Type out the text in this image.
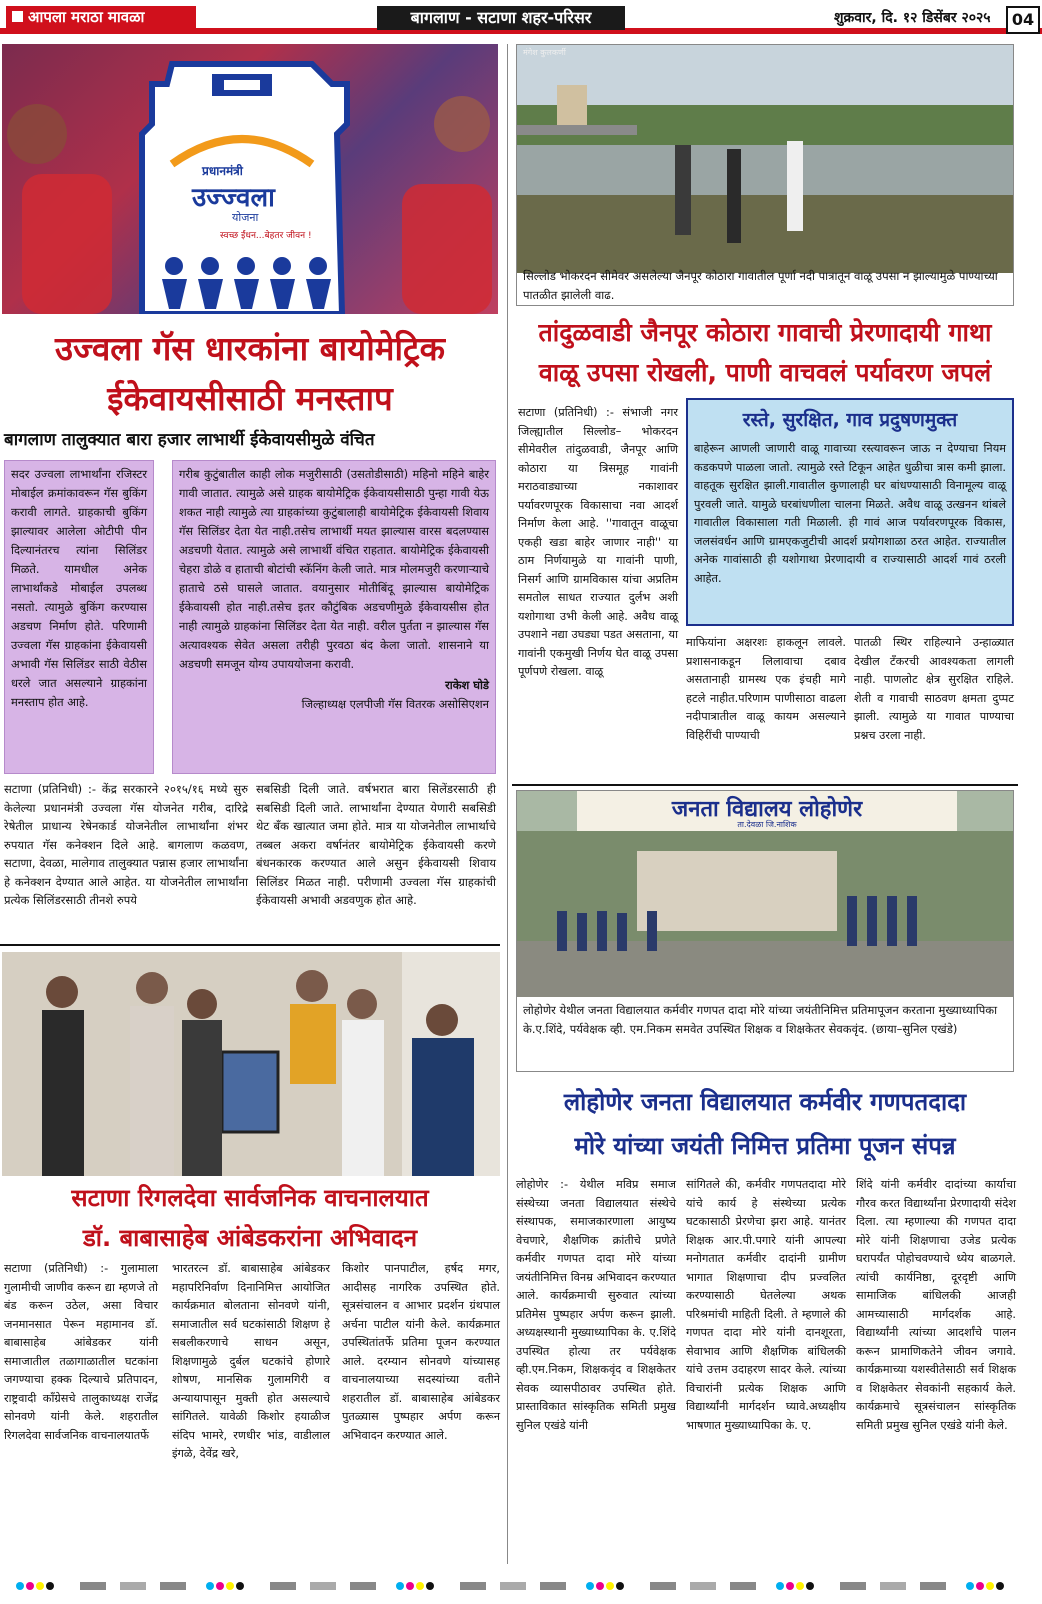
आपला मराठा मावळा	बागलाण - सटाणा शहर-परिसर	शुक्रवार, दि. १२ डिसेंबर २०२५	04
प्रधानमंत्री
उज्ज्वला
योजना
स्वच्छ ईंधन...बेहतर जीवन !
उज्वला गॅस धारकांना बायोमेट्रिक
ईकेवायसीसाठी मनस्ताप
बागलाण तालुक्यात बारा हजार लाभार्थी ईकेवायसीमुळे वंचित
सदर उज्वला लाभार्थांना रजिस्टर मोबाईल क्रमांकावरून गॅस बुकिंग करावी लागते. ग्राहकाची बुकिंग झाल्यावर आलेला ओटीपी पीन दिल्यानंतरच त्यांना सिलिंडर मिळते. यामधील अनेक लाभार्थांकडे मोबाईल उपलब्ध नसतो. त्यामुळे बुकिंग करण्यास अडचण निर्माण होते. परिणामी उज्वला गॅस ग्राहकांना ईकेवायसी अभावी गॅस सिलिंडर साठी वेठीस धरले जात असल्याने ग्राहकांना मनस्ताप होत आहे.
गरीब कुटुंबातील काही लोक मजुरीसाठी (उसतोडीसाठी) महिनो महिने बाहेर गावी जातात. त्यामुळे असे ग्राहक बायोमेट्रिक ईकेवायसीसाठी पुन्हा गावी येऊ शकत नाही त्यामुळे त्या ग्राहकांच्या कुटुंबालाही बायोमेट्रिक ईकेवायसी शिवाय गॅस सिलिंडर देता येत नाही.तसेच लाभार्थी मयत झाल्यास वारस बदलण्यास अडचणी येतात. त्यामुळे असे लाभार्थी वंचित राहतात. बायोमेट्रिक ईकेवायसी चेहरा डोळे व हाताची बोटांची स्कॅनिंग केली जाते. मात्र मोलमजुरी करणाऱ्याचे हाताचे ठसे घासले जातात. वयानुसार मोतीबिंदू झाल्यास बायोमेट्रिक ईकेवायसी होत नाही.तसेच इतर कौटुंबिक अडचणीमुळे ईकेवायसीस होत नाही त्यामुळे ग्राहकांना सिलिंडर देता येत नाही. वरील पुर्तता न झाल्यास गॅस अत्यावश्यक सेवेत असला तरीही पुरवठा बंद केला जातो. शासनाने या अडचणी समजून योग्य उपाययोजना करावी.
राकेश घोडे
जिल्हाध्यक्ष एलपीजी गॅस वितरक असोसिएशन
सटाणा (प्रतिनिधी) :- केंद्र सरकारने २०१५/१६ मध्ये सुरु केलेल्या प्रधानमंत्री उज्वला गॅस योजनेत गरीब, दारिद्रे रेषेतील प्राधान्य रेषेनकार्ड योजनेतील लाभार्थांना शंभर रुपयात गॅस कनेक्शन दिले आहे. बागलाण कळवण, सटाणा, देवळा, मालेगाव तालुक्यात पन्नास हजार लाभार्थांना हे कनेक्शन देण्यात आले आहेत. या योजनेतील लाभार्थांना प्रत्येक सिलिंडरसाठी तीनशे रुपये
सबसिडी दिली जाते. वर्षभरात बारा सिलेंडरसाठी ही सबसिडी दिली जाते. लाभार्थांना देण्यात येणारी सबसिडी थेट बँक खात्यात जमा होते. मात्र या योजनेतील लाभार्थाचे तब्बल अकरा वर्षानंतर बायोमेट्रिक ईकेवायसी करणे बंधनकारक करण्यात आले असुन ईकेवायसी शिवाय सिलिंडर मिळत नाही. परीणामी उज्वला गॅस ग्राहकांची ईकेवायसी अभावी अडवणुक होत आहे.
मंगेश कुलकर्णी
सिल्लोड भोकरदन सीमेवर असलेल्या जैनपूर कोठारा गावातील पूर्णा नदी पात्रातून वाळू उपसा न झाल्यामुळे पाण्याच्या पातळीत झालेली वाढ.
तांदुळवाडी जैनपूर कोठारा गावाची प्रेरणादायी गाथा
वाळू उपसा रोखली, पाणी वाचवलं पर्यावरण जपलं
सटाणा (प्रतिनिधी) :- संभाजी नगर जिल्ह्यातील सिल्लोड– भोकरदन सीमेवरील तांदुळवाडी, जैनपूर आणि कोठारा या त्रिसमूह गावांनी मराठवाड्याच्या नकाशावर पर्यावरणपूरक विकासाचा नवा आदर्श निर्माण केला आहे. ''गावातून वाळूचा एकही खडा बाहेर जाणार नाही'' या ठाम निर्णयामुळे या गावांनी पाणी, निसर्ग आणि ग्रामविकास यांचा अप्रतिम समतोल साधत राज्यात दुर्लभ अशी यशोगाथा उभी केली आहे. अवैध वाळू उपशाने नद्या उघड्या पडत असताना, या गावांनी एकमुखी निर्णय घेत वाळू उपसा पूर्णपणे रोखला. वाळू
रस्ते, सुरक्षित, गाव प्रदुषणमुक्त
बाहेरून आणली जाणारी वाळू गावाच्या रस्त्यावरून जाऊ न देण्याचा नियम कडकपणे पाळला जातो. त्यामुळे रस्ते टिकून आहेत धुळीचा त्रास कमी झाला. वाहतूक सुरक्षित झाली.गावातील कुणालाही घर बांधण्यासाठी विनामूल्य वाळू पुरवली जाते. यामुळे घरबांधणीला चालना मिळते. अवैध वाळू उत्खनन थांबले गावातील विकासाला गती मिळाली. ही गावं आज पर्यावरणपूरक विकास, जलसंवर्धन आणि ग्रामएकजुटीची आदर्श प्रयोगशाळा ठरत आहेत. राज्यातील अनेक गावांसाठी ही यशोगाथा प्रेरणादायी व राज्यासाठी आदर्श गावं ठरली आहेत.
माफियांना अक्षरशः हाकलून लावले. प्रशासनाकडून लिलावाचा दबाव असतानाही ग्रामस्थ एक इंचही मागे हटले नाहीत.परिणाम पाणीसाठा वाढला नदीपात्रातील वाळू कायम असल्याने विहिरींची पाण्याची
पातळी स्थिर राहिल्याने उन्हाळ्यात देखील टँकरची आवश्यकता लागली नाही. पाणलोट क्षेत्र सुरक्षित राहिले. शेती व गावाची साठवण क्षमता दुप्पट झाली. त्यामुळे या गावात पाण्याचा प्रश्नच उरला नाही.
जनता विद्यालय लोहोणेर
ता.देवळा जि.नाशिक
लोहोणेर येथील जनता विद्यालयात कर्मवीर गणपत दादा मोरे यांच्या जयंतीनिमित्त प्रतिमापूजन करताना मुख्याध्यापिका के.ए.शिंदे, पर्यवेक्षक व्ही. एम.निकम समवेत उपस्थित शिक्षक व शिक्षकेतर सेवकवृंद. (छाया–सुनिल एखंडे)
लोहोणेर जनता विद्यालयात कर्मवीर गणपतदादा
मोरे यांच्या जयंती निमित्त प्रतिमा पूजन संपन्न
लोहोणेर :- येथील मविप्र समाज संस्थेच्या जनता विद्यालयात संस्थेचे संस्थापक, समाजकारणाला आयुष्य वेचणारे, शैक्षणिक क्रांतीचे प्रणेते कर्मवीर गणपत दादा मोरे यांच्या जयंतीनिमित्त विनम्र अभिवादन करण्यात आले. कार्यक्रमाची सुरुवात त्यांच्या प्रतिमेस पुष्पहार अर्पण करून झाली. अध्यक्षस्थानी मुख्याध्यापिका के. ए.शिंदे उपस्थित होत्या तर पर्यवेक्षक व्ही.एम.निकम, शिक्षकवृंद व शिक्षकेतर सेवक व्यासपीठावर उपस्थित होते. प्रास्ताविकात सांस्कृतिक समिती प्रमुख सुनिल एखंडे यांनी
सांगितले की, कर्मवीर गणपतदादा मोरे यांचे कार्य हे संस्थेच्या प्रत्येक घटकासाठी प्रेरणेचा झरा आहे. यानंतर शिक्षक आर.पी.पगारे यांनी आपल्या मनोगतात कर्मवीर दादांनी ग्रामीण भागात शिक्षणाचा दीप प्रज्वलित करण्यासाठी घेतलेल्या अथक परिश्रमांची माहिती दिली. ते म्हणाले की गणपत दादा मोरे यांनी दानशूरता, सेवाभाव आणि शैक्षणिक बांधिलकी यांचे उत्तम उदाहरण सादर केले. त्यांच्या विचारांनी प्रत्येक शिक्षक आणि विद्यार्थ्यांनी मार्गदर्शन घ्यावे.अध्यक्षीय भाषणात मुख्याध्यापिका के. ए.
शिंदे यांनी कर्मवीर दादांच्या कार्याचा गौरव करत विद्यार्थ्यांना प्रेरणादायी संदेश दिला. त्या म्हणाल्या की गणपत दादा मोरे यांनी शिक्षणाचा उजेड प्रत्येक घरापर्यंत पोहोचवण्याचे ध्येय बाळगले. त्यांची कार्यनिष्ठा, दूरदृष्टी आणि सामाजिक बांधिलकी आजही आमच्यासाठी मार्गदर्शक आहे. विद्यार्थ्यांनी त्यांच्या आदर्शांचे पालन करून प्रामाणिकतेने जीवन जगावे. कार्यक्रमाच्या यशस्वीतेसाठी सर्व शिक्षक व शिक्षकेतर सेवकांनी सहकार्य केले. कार्यक्रमाचे सूत्रसंचालन सांस्कृतिक समिती प्रमुख सुनिल एखंडे यांनी केले.
सटाणा रिगलदेवा सार्वजनिक वाचनालयात
डॉ. बाबासाहेब आंबेडकरांना अभिवादन
सटाणा (प्रतिनिधी) :- गुलामाला गुलामीची जाणीव करून द्या म्हणजे तो बंड करून उठेल, असा विचार जनमानसात पेरून महामानव डॉ. बाबासाहेब आंबेडकर यांनी समाजातील तळागाळातील घटकांना जगण्याचा हक्क दिल्याचे प्रतिपादन, राष्ट्रवादी कॉंग्रेसचे तालुकाध्यक्ष राजेंद्र सोनवणे यांनी केले. शहरातील रिगलदेवा सार्वजनिक वाचनालयातर्फे
भारतरत्न डॉ. बाबासाहेब आंबेडकर महापरिनिर्वाण दिनानिमित्त आयोजित कार्यक्रमात बोलताना सोनवणे यांनी, समाजातील सर्व घटकांसाठी शिक्षण हे सबलीकरणाचे साधन असून, शिक्षणामुळे दुर्बल घटकांचे होणारे शोषण, मानसिक गुलामगिरी व अन्यायापासून मुक्ती होत असल्याचे सांगितले. यावेळी किशोर हयाळीज संदिप भामरे, रणधीर भांड, वाडीलाल इंगळे, देवेंद्र खरे,
किशोर पानपाटील, हर्षद मगर, आदीसह नागरिक उपस्थित होते. सूत्रसंचालन व आभार प्रदर्शन ग्रंथपाल अर्चना पाटील यांनी केले. कार्यक्रमात उपस्थितांतर्फे प्रतिमा पूजन करण्यात आले. दरम्यान सोनवणे यांच्यासह वाचनालयाच्या सदस्यांच्या वतीने शहरातील डॉ. बाबासाहेब आंबेडकर पुतळ्यास पुष्पहार अर्पण करून अभिवादन करण्यात आले.
